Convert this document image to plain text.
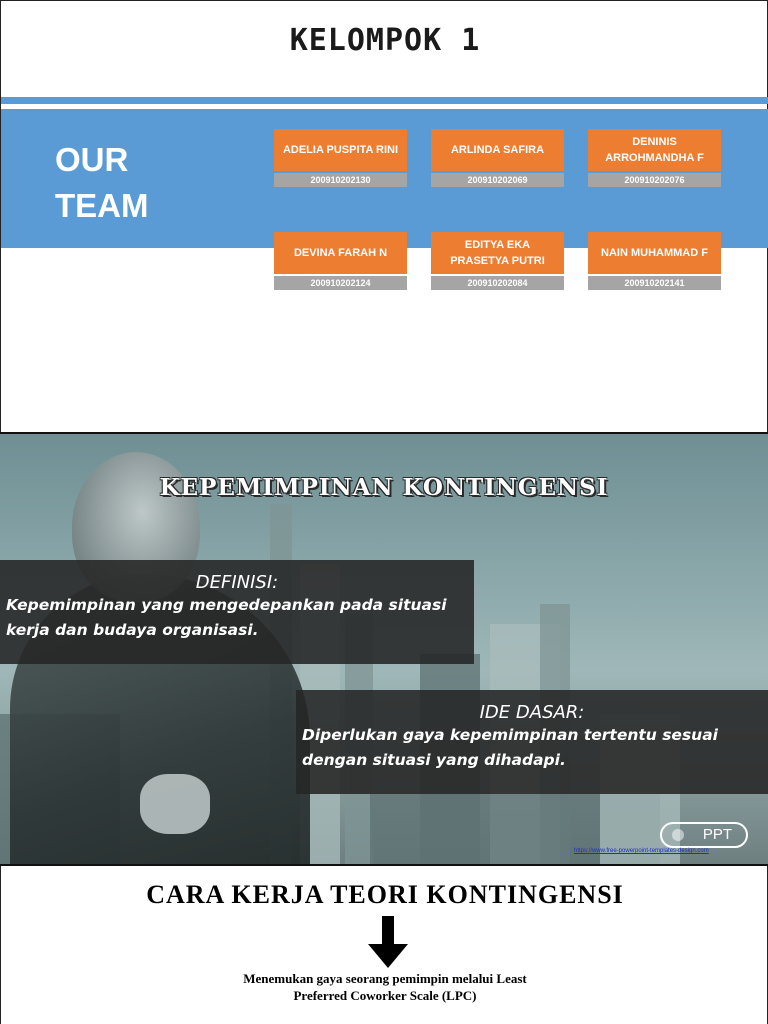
KELOMPOK 1
OUR
TEAM
ADELIA PUSPITA RINI
200910202130
ARLINDA SAFIRA
200910202069
DENINIS ARROHMANDHA F
200910202076
DEVINA FARAH N
200910202124
EDITYA EKA PRASETYA PUTRI
200910202084
NAIN MUHAMMAD F
200910202141
KEPEMIMPINAN KONTINGENSI
DEFINISI:
Kepemimpinan yang mengedepankan pada situasi kerja dan budaya organisasi.
IDE DASAR:
Diperlukan gaya kepemimpinan tertentu sesuai dengan situasi yang dihadapi.
PPT
https://www.free-powerpoint-templates-design.com
CARA KERJA TEORI KONTINGENSI
Menemukan gaya seorang pemimpin melalui Least Preferred Coworker Scale (LPC)
